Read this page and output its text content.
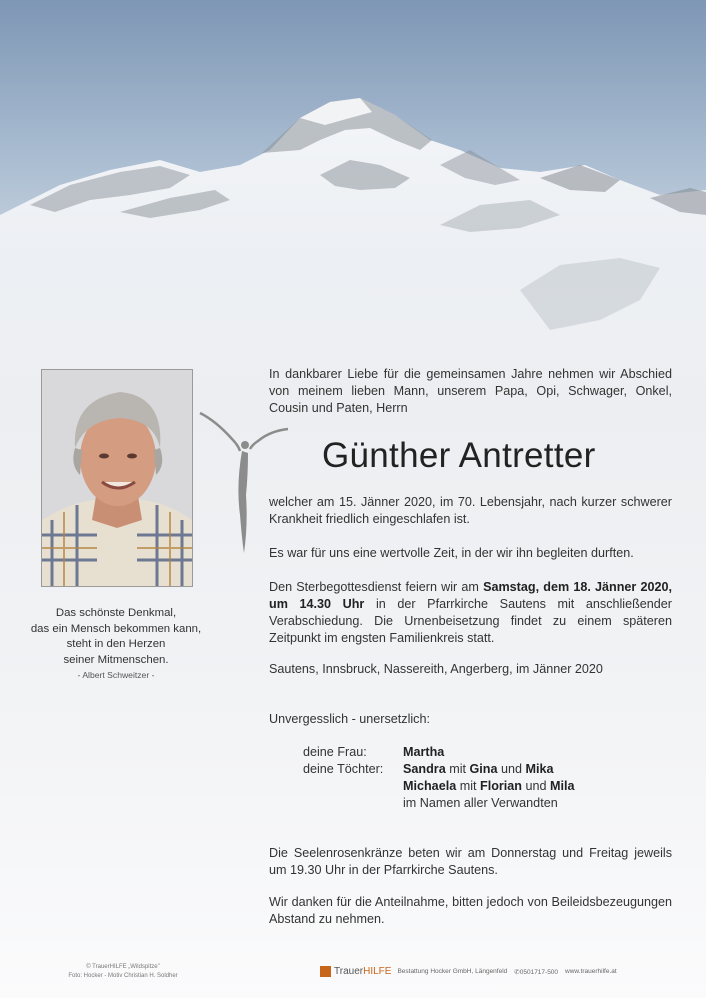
Das schönste Denkmal,
das ein Mensch bekommen kann,
steht in den Herzen
seiner Mitmenschen.
- Albert Schweitzer -
In dankbarer Liebe für die gemeinsamen Jahre nehmen wir Abschied von meinem lieben Mann, unserem Papa, Opi, Schwager, Onkel, Cousin und Paten, Herrn
Günther Antretter
welcher am 15. Jänner 2020, im 70. Lebensjahr, nach kurzer schwerer Krankheit friedlich eingeschlafen ist.
Es war für uns eine wertvolle Zeit, in der wir ihn begleiten durften.
Den Sterbegottesdienst feiern wir am Samstag, dem 18. Jänner 2020, um 14.30 Uhr in der Pfarrkirche Sautens mit anschließender Verabschiedung. Die Urnenbeisetzung findet zu einem späteren Zeitpunkt im engsten Familienkreis statt.
Sautens, Innsbruck, Nassereith, Angerberg, im Jänner 2020
Unvergesslich - unersetzlich:
deine Frau:	Martha
deine Töchter:	Sandra mit Gina und Mika
Michaela mit Florian und Mila
im Namen aller Verwandten
Die Seelenrosenkränze beten wir am Donnerstag und Freitag jeweils um 19.30 Uhr in der Pfarrkirche Sautens.
Wir danken für die Anteilnahme, bitten jedoch von Beileidsbezeugungen Abstand zu nehmen.
© TrauerHILFE „Wildspitze"
Foto: Hocker - Motiv Christian H. Soldher	TrauerHILFE Bestattung Hocker GmbH, Längenfeld ✆0501717-500 www.trauerhilfe.at
